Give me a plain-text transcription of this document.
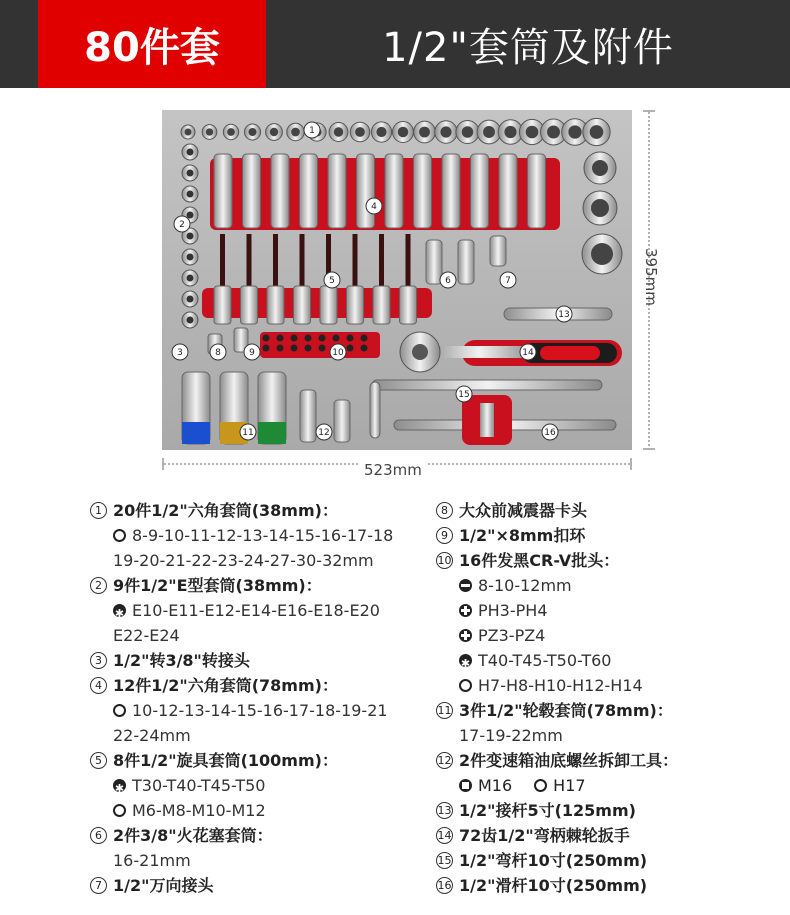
80件套	1/2"套筒及附件
1
2
3
4
5	6	7
8	9	10
11	12
13
14
15
16
395mm
523mm
1 20件1/2"六角套筒(38mm)：
8-9-10-11-12-13-14-15-16-17-18
19-20-21-22-23-24-27-30-32mm
2 9件1/2"E型套筒(38mm)：
✱
E10-E11-E12-E14-E16-E18-E20
E22-E24
3 1/2"转3/8"转接头
4 12件1/2"六角套筒(78mm)：
10-12-13-14-15-16-17-18-19-21
22-24mm
5 8件1/2"旋具套筒(100mm)：
✱
T30-T40-T45-T50
M6-M8-M10-M12
6 2件3/8"火花塞套筒：
16-21mm
7 1/2"万向接头
8 大众前减震器卡头
9 1/2"×8mm扣环
10 16件发黑CR-V批头：
8-10-12mm
PH3-PH4
PZ3-PZ4
✱
T40-T45-T50-T60
H7-H8-H10-H12-H14
11 3件1/2"轮毂套筒(78mm)：
17-19-22mm
12 2件变速箱油底螺丝拆卸工具：
M16	H17
13 1/2"接杆5寸(125mm)
14 72齿1/2"弯柄棘轮扳手
15 1/2"弯杆10寸(250mm)
16 1/2"滑杆10寸(250mm)
